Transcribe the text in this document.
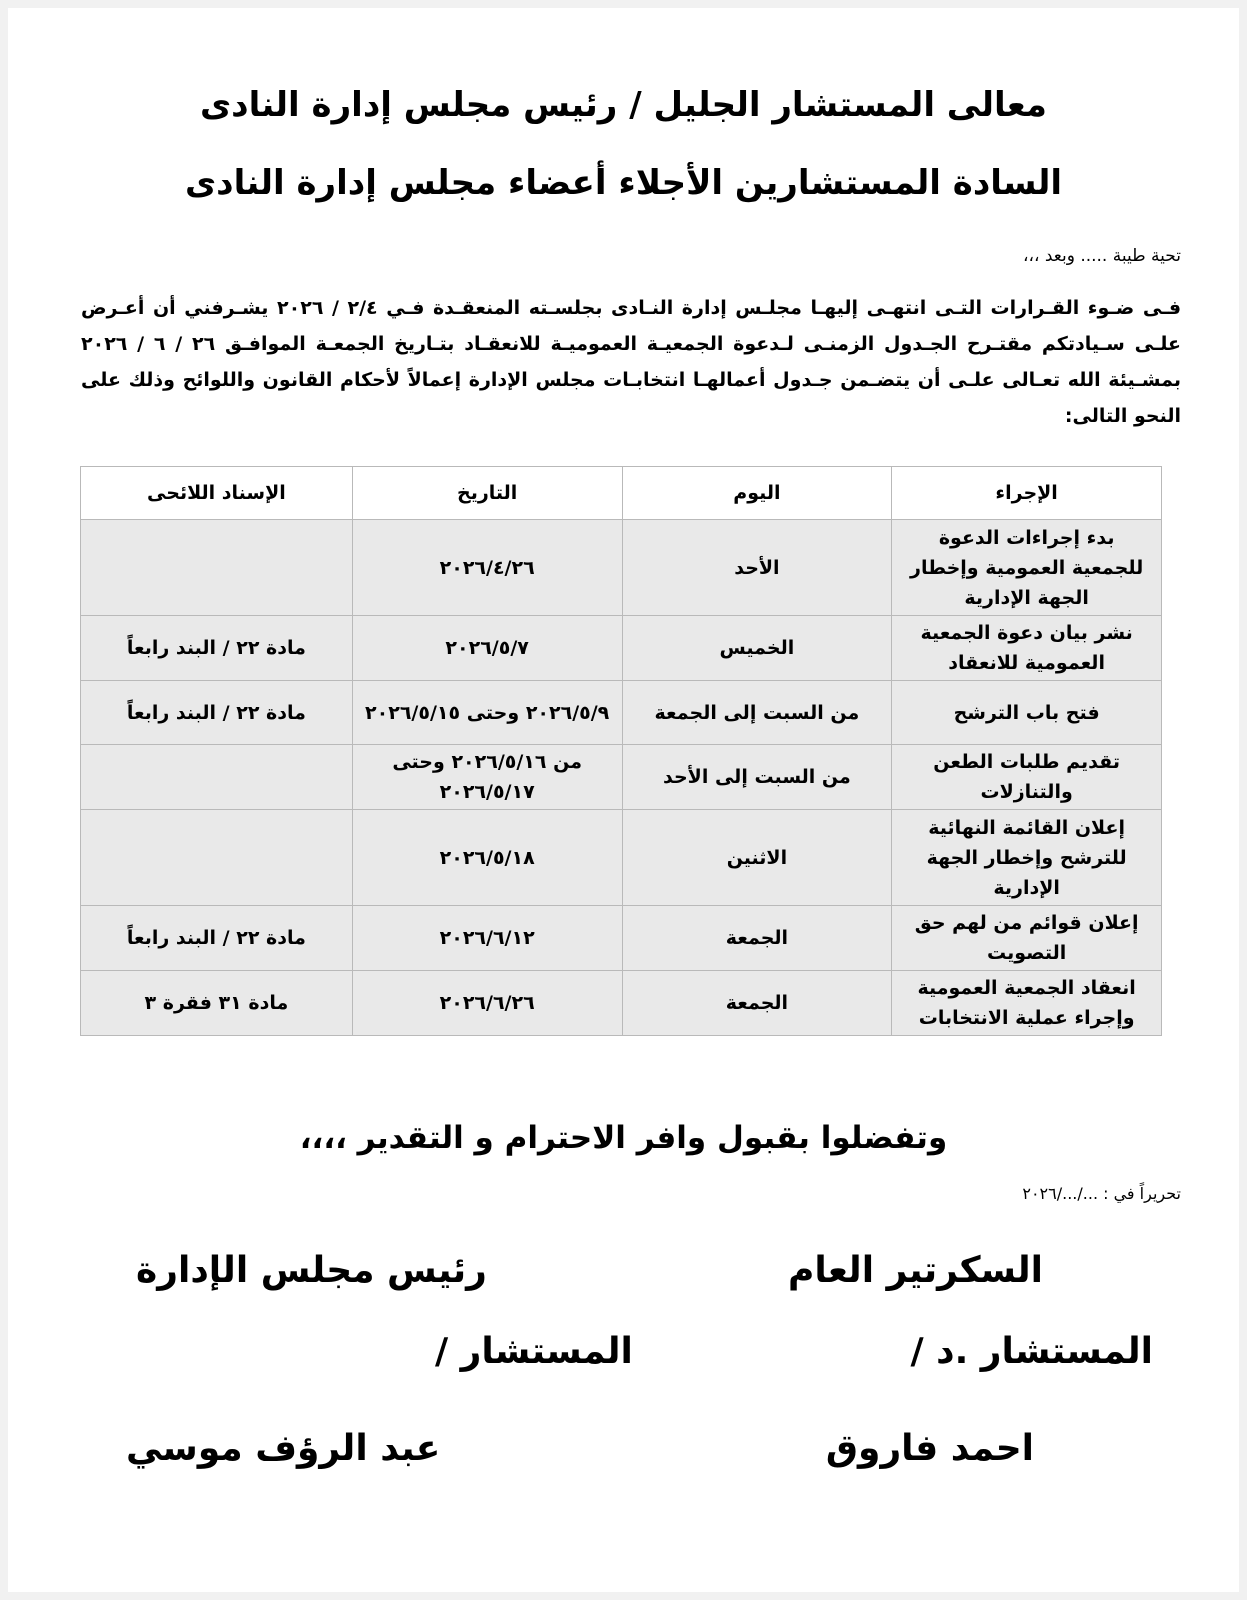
معالى المستشار الجليل / رئيس مجلس إدارة النادى
السادة المستشارين الأجلاء أعضاء مجلس إدارة النادى

تحية طيبة ..... وبعد ،،،

فـى ضـوء القـرارات التـى انتهـى إليهـا مجلـس إدارة النـادى بجلسـته المنعقـدة فـي ٢/٤ / ٢٠٢٦ يشـرفني أن أعـرض علـى سـيادتكم مقتـرح الجـدول الزمنـى لـدعوة الجمعيـة العموميـة للانعقـاد بتـاريخ الجمعـة الموافـق ٢٦ / ٦ / ٢٠٢٦ بمشـيئة الله تعـالى علـى أن يتضـمن جـدول أعمالهـا انتخابـات مجلس الإدارة إعمالاً لأحكام القانون واللوائح وذلك على النحو التالى:

الإجراء	اليوم	التاريخ	الإسناد اللائحى
بدء إجراءات الدعوة للجمعية العمومية وإخطار الجهة الإدارية	الأحد	٢٠٢٦/٤/٢٦	
نشر بيان دعوة الجمعية العمومية للانعقاد	الخميس	٢٠٢٦/٥/٧	مادة ٢٢ / البند رابعاً
فتح باب الترشح	من السبت إلى الجمعة	٢٠٢٦/٥/٩ وحتى ٢٠٢٦/٥/١٥	مادة ٢٢ / البند رابعاً
تقديم طلبات الطعن والتنازلات	من السبت إلى الأحد	من ٢٠٢٦/٥/١٦ وحتى ٢٠٢٦/٥/١٧	
إعلان القائمة النهائية للترشح وإخطار الجهة الإدارية	الاثنين	٢٠٢٦/٥/١٨	
إعلان قوائم من لهم حق التصويت	الجمعة	٢٠٢٦/٦/١٢	مادة ٢٢ / البند رابعاً
انعقاد الجمعية العمومية وإجراء عملية الانتخابات	الجمعة	٢٠٢٦/٦/٢٦	مادة ٣١ فقرة ٣

وتفضلوا بقبول وافر الاحترام و التقدير ،،،،

تحريراً في : .../.../٢٠٢٦

السكرتير العام

رئيس مجلس الإدارة

المستشار .د /

المستشار /

احمد فاروق

عبد الرؤف موسي
